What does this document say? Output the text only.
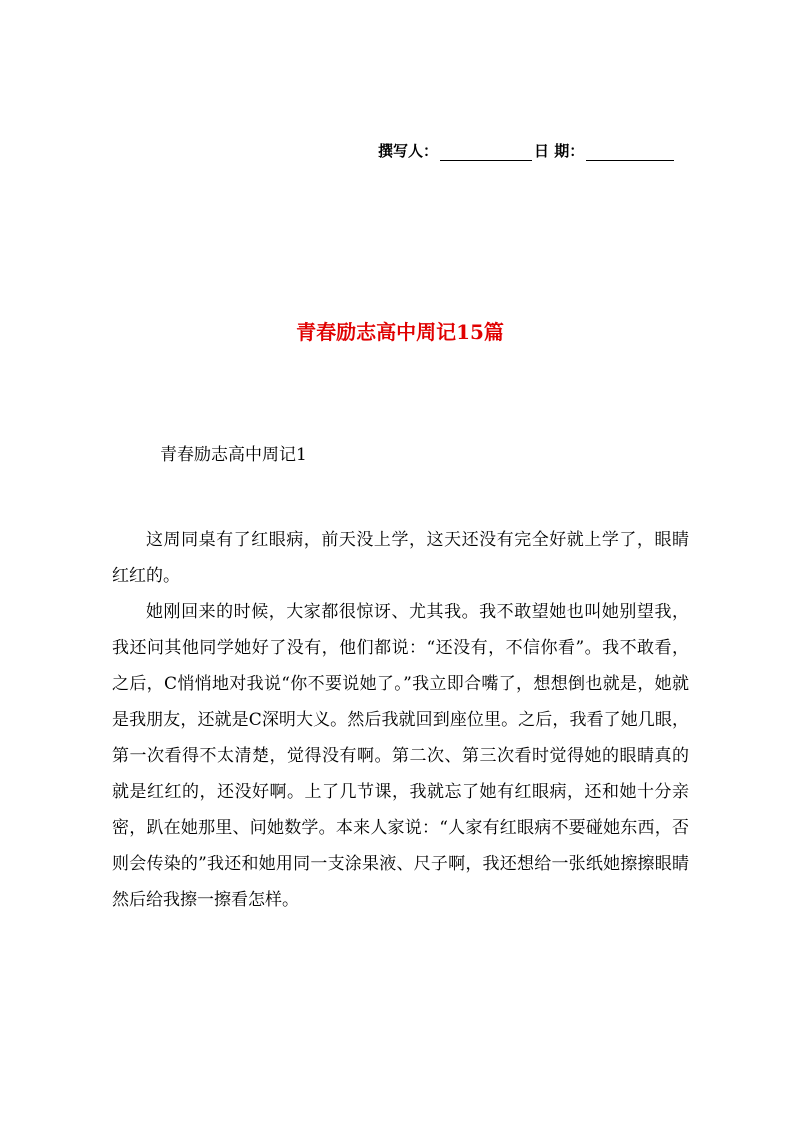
撰写人：	日 期：
青春励志高中周记15篇
青春励志高中周记1

这周同桌有了红眼病，前天没上学，这天还没有完全好就上学了，眼睛红红的。

她刚回来的时候，大家都很惊讶、尤其我。我不敢望她也叫她别望我，我还问其他同学她好了没有，他们都说：“还没有，不信你看”。我不敢看，之后，C悄悄地对我说“你不要说她了。”我立即合嘴了，想想倒也就是，她就是我朋友，还就是C深明大义。然后我就回到座位里。之后，我看了她几眼，第一次看得不太清楚，觉得没有啊。第二次、第三次看时觉得她的眼睛真的就是红红的，还没好啊。上了几节课，我就忘了她有红眼病，还和她十分亲密，趴在她那里、问她数学。本来人家说：“人家有红眼病不要碰她东西，否则会传染的”我还和她用同一支涂果液、尺子啊，我还想给一张纸她擦擦眼睛然后给我擦一擦看怎样。
